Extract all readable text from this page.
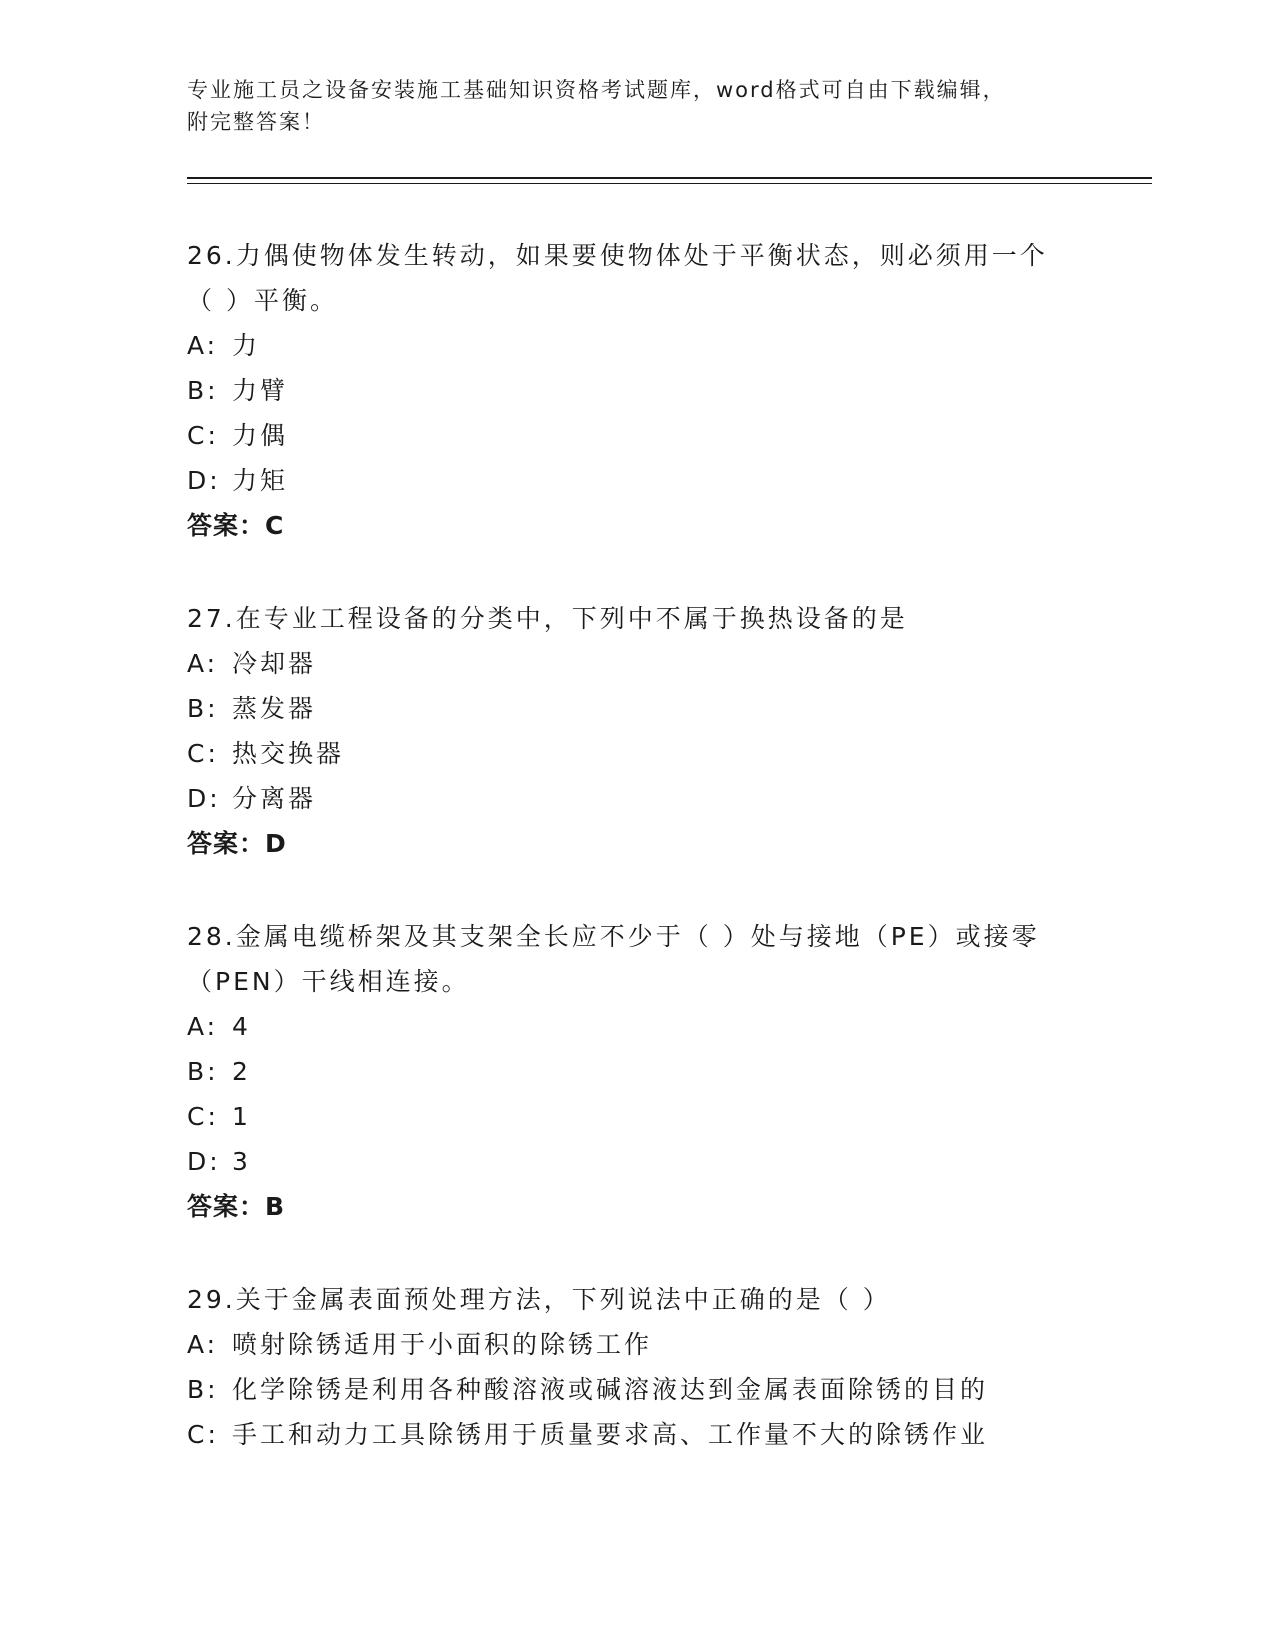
专业施工员之设备安装施工基础知识资格考试题库，word格式可自由下载编辑，
附完整答案！
26.力偶使物体发生转动，如果要使物体处于平衡状态，则必须用一个
（ ）平衡。
A: 力
B: 力臂
C: 力偶
D: 力矩
答案：C
27.在专业工程设备的分类中，下列中不属于换热设备的是
A: 冷却器
B: 蒸发器
C: 热交换器
D: 分离器
答案：D
28.金属电缆桥架及其支架全长应不少于（ ）处与接地（PE）或接零
（PEN）干线相连接。
A: 4
B: 2
C: 1
D: 3
答案：B
29.关于金属表面预处理方法，下列说法中正确的是（ ）
A: 喷射除锈适用于小面积的除锈工作
B: 化学除锈是利用各种酸溶液或碱溶液达到金属表面除锈的目的
C: 手工和动力工具除锈用于质量要求高、工作量不大的除锈作业
